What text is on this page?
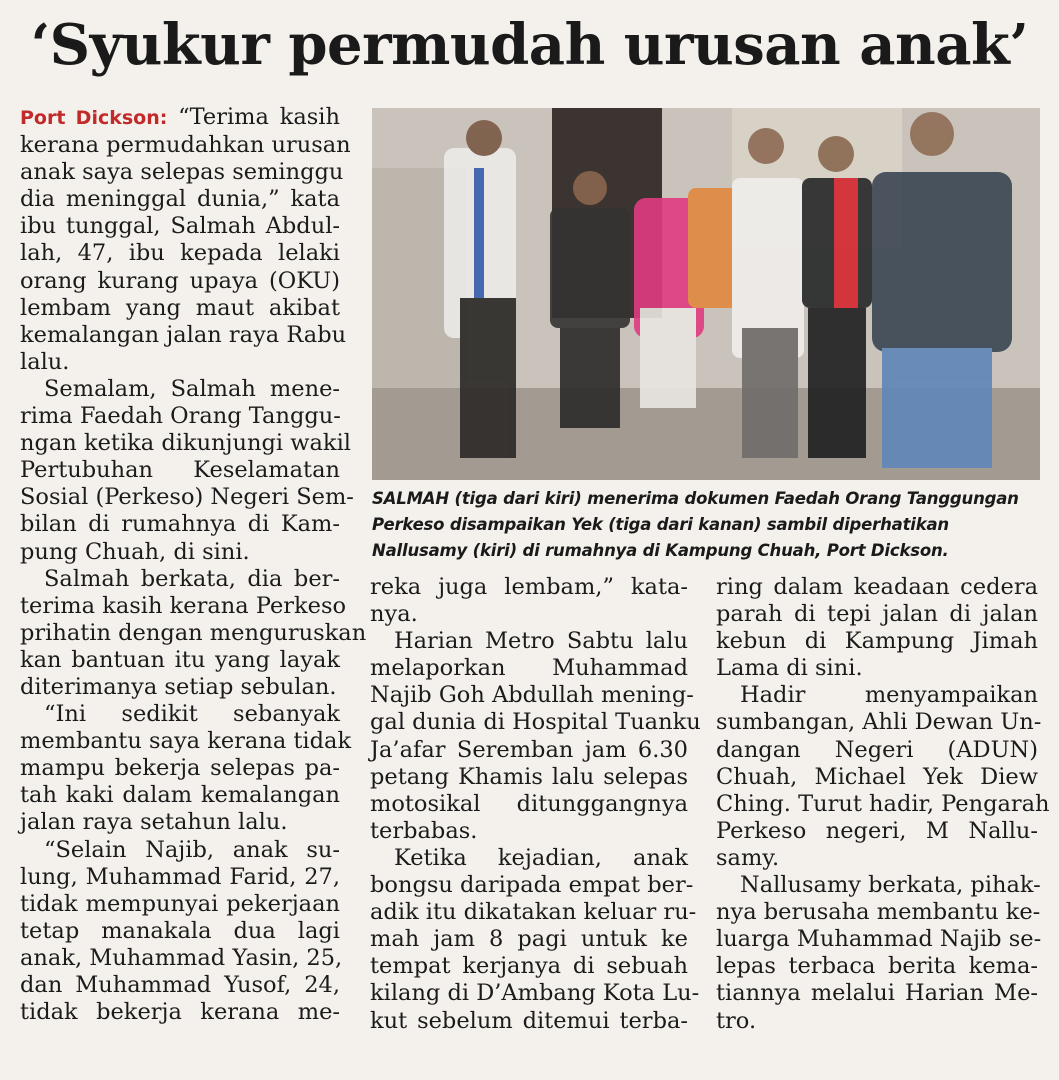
‘Syukur permudah urusan anak’
Port Dickson: “Terima kasih
kerana permudahkan urusan
anak saya selepas seminggu
dia meninggal dunia,” kata
ibu tunggal, Salmah Abdul-
lah, 47, ibu kepada lelaki
orang kurang upaya (OKU)
lembam yang maut akibat
kemalangan jalan raya Rabu
lalu.
Semalam, Salmah mene-
rima Faedah Orang Tanggu-
ngan ketika dikunjungi wakil
Pertubuhan Keselamatan
Sosial (Perkeso) Negeri Sem-
bilan di rumahnya di Kam-
pung Chuah, di sini.
Salmah berkata, dia ber-
terima kasih kerana Perkeso
prihatin dengan menguruskan
kan bantuan itu yang layak
diterimanya setiap sebulan.
“Ini sedikit sebanyak
membantu saya kerana tidak
mampu bekerja selepas pa-
tah kaki dalam kemalangan
jalan raya setahun lalu.
“Selain Najib, anak su-
lung, Muhammad Farid, 27,
tidak mempunyai pekerjaan
tetap manakala dua lagi
anak, Muhammad Yasin, 25,
dan Muhammad Yusof, 24,
tidak bekerja kerana me-
reka juga lembam,” kata-
nya.
Harian Metro Sabtu lalu
melaporkan Muhammad
Najib Goh Abdullah mening-
gal dunia di Hospital Tuanku
Ja’afar Seremban jam 6.30
petang Khamis lalu selepas
motosikal ditunggangnya
terbabas.
Ketika kejadian, anak
bongsu daripada empat ber-
adik itu dikatakan keluar ru-
mah jam 8 pagi untuk ke
tempat kerjanya di sebuah
kilang di D’Ambang Kota Lu-
kut sebelum ditemui terba-
ring dalam keadaan cedera
parah di tepi jalan di jalan
kebun di Kampung Jimah
Lama di sini.
Hadir menyampaikan
sumbangan, Ahli Dewan Un-
dangan Negeri (ADUN)
Chuah, Michael Yek Diew
Ching. Turut hadir, Pengarah
Perkeso negeri, M Nallu-
samy.
Nallusamy berkata, pihak-
nya berusaha membantu ke-
luarga Muhammad Najib se-
lepas terbaca berita kema-
tiannya melalui Harian Me-
tro.
SALMAH (tiga dari kiri) menerima dokumen Faedah Orang Tanggungan
Perkeso disampaikan Yek (tiga dari kanan) sambil diperhatikan
Nallusamy (kiri) di rumahnya di Kampung Chuah, Port Dickson.
